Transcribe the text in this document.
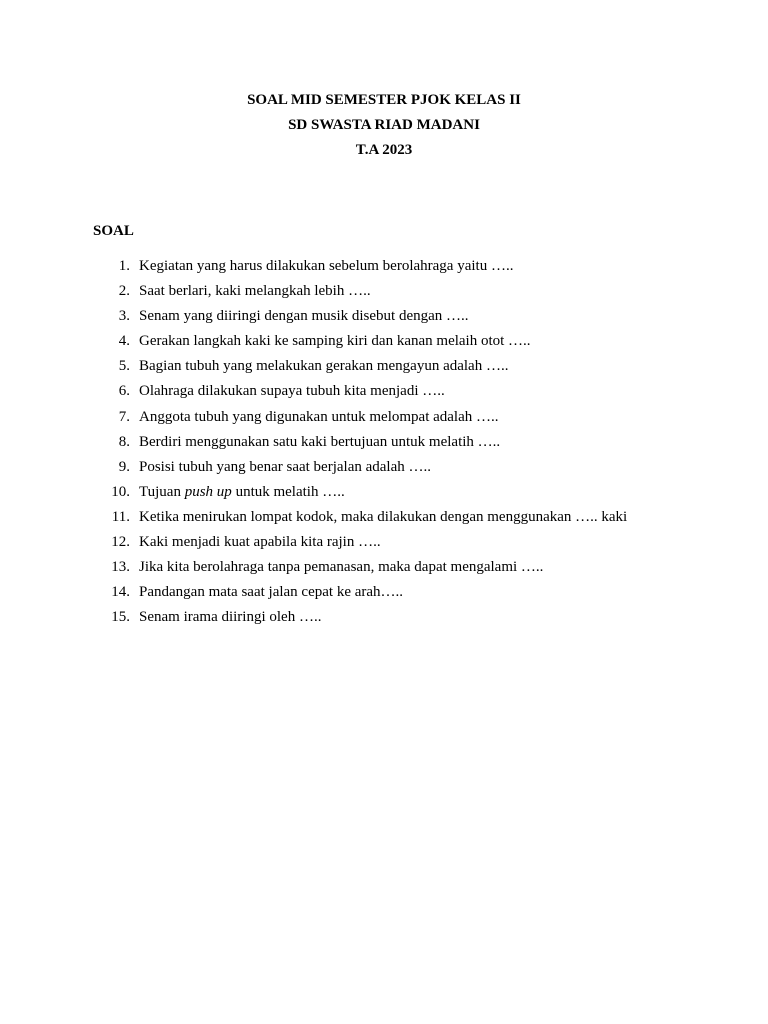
SOAL MID SEMESTER PJOK KELAS II
SD SWASTA RIAD MADANI
T.A 2023
SOAL
1. Kegiatan yang harus dilakukan sebelum berolahraga yaitu …..
2. Saat berlari, kaki melangkah lebih …..
3. Senam yang diiringi dengan musik disebut dengan …..
4. Gerakan langkah kaki ke samping kiri dan kanan melaih otot …..
5. Bagian tubuh yang melakukan gerakan mengayun adalah …..
6. Olahraga dilakukan supaya tubuh kita menjadi …..
7. Anggota tubuh yang digunakan untuk melompat adalah …..
8. Berdiri menggunakan satu kaki bertujuan untuk melatih …..
9. Posisi tubuh yang benar saat berjalan adalah …..
10. Tujuan push up untuk melatih …..
11. Ketika menirukan lompat kodok, maka dilakukan dengan menggunakan ….. kaki
12. Kaki menjadi kuat apabila kita rajin …..
13. Jika kita berolahraga tanpa pemanasan, maka dapat mengalami …..
14. Pandangan mata saat jalan cepat ke arah…..
15. Senam irama diiringi oleh …..
